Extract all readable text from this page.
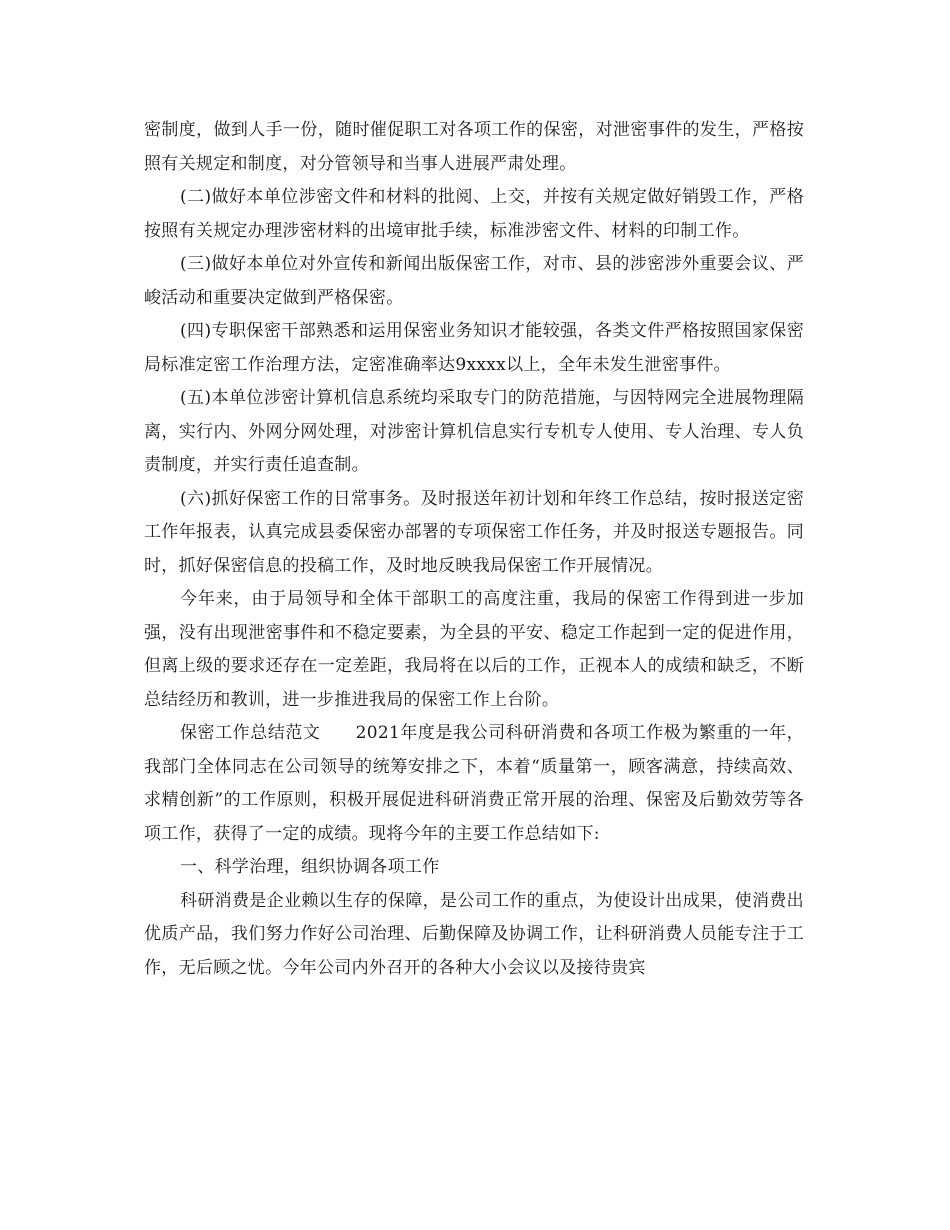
密制度，做到人手一份，随时催促职工对各项工作的保密，对泄密事件的发生，严格按照有关规定和制度，对分管领导和当事人进展严肃处理。

(二)做好本单位涉密文件和材料的批阅、上交，并按有关规定做好销毁工作，严格按照有关规定办理涉密材料的出境审批手续，标准涉密文件、材料的印制工作。

(三)做好本单位对外宣传和新闻出版保密工作，对市、县的涉密涉外重要会议、严峻活动和重要决定做到严格保密。

(四)专职保密干部熟悉和运用保密业务知识才能较强，各类文件严格按照国家保密局标准定密工作治理方法，定密准确率达9xxxx以上，全年未发生泄密事件。

(五)本单位涉密计算机信息系统均采取专门的防范措施，与因特网完全进展物理隔离，实行内、外网分网处理，对涉密计算机信息实行专机专人使用、专人治理、专人负责制度，并实行责任追查制。

(六)抓好保密工作的日常事务。及时报送年初计划和年终工作总结，按时报送定密工作年报表，认真完成县委保密办部署的专项保密工作任务，并及时报送专题报告。同时，抓好保密信息的投稿工作，及时地反映我局保密工作开展情况。

今年来，由于局领导和全体干部职工的高度注重，我局的保密工作得到进一步加强，没有出现泄密事件和不稳定要素，为全县的平安、稳定工作起到一定的促进作用，但离上级的要求还存在一定差距，我局将在以后的工作，正视本人的成绩和缺乏，不断总结经历和教训，进一步推进我局的保密工作上台阶。

保密工作总结范文　　2021年度是我公司科研消费和各项工作极为繁重的一年，我部门全体同志在公司领导的统筹安排之下，本着“质量第一，顾客满意，持续高效、求精创新”的工作原则，积极开展促进科研消费正常开展的治理、保密及后勤效劳等各项工作，获得了一定的成绩。现将今年的主要工作总结如下:

一、科学治理，组织协调各项工作

科研消费是企业赖以生存的保障，是公司工作的重点，为使设计出成果，使消费出优质产品，我们努力作好公司治理、后勤保障及协调工作，让科研消费人员能专注于工作，无后顾之忧。今年公司内外召开的各种大小会议以及接待贵宾
